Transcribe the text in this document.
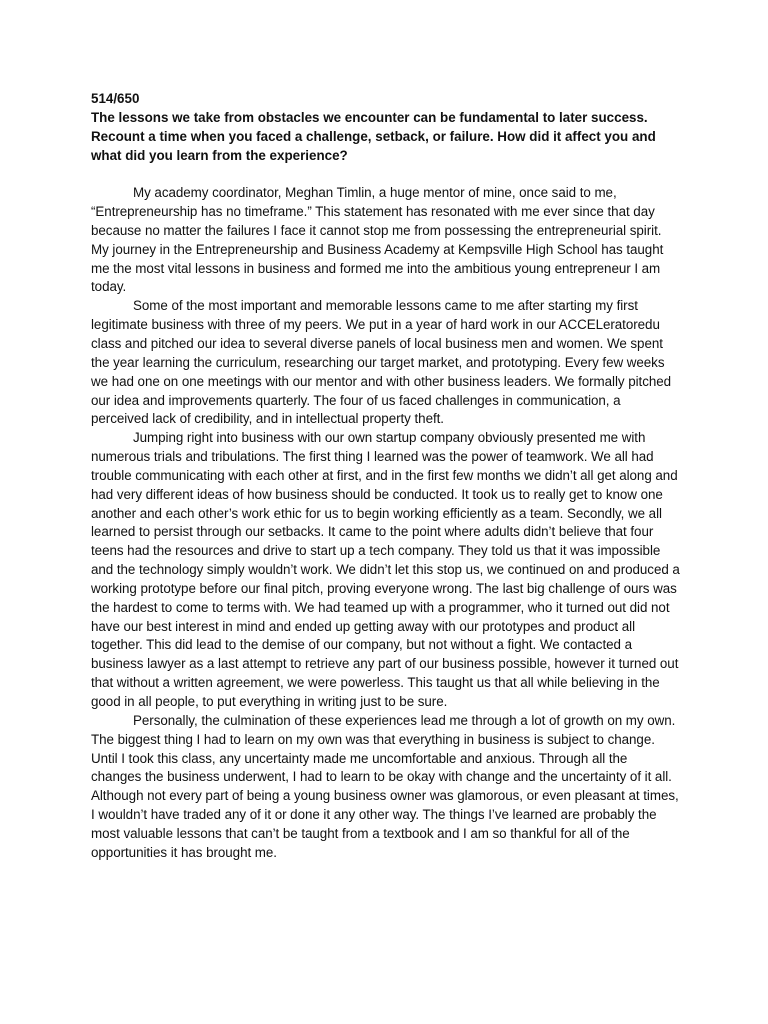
514/650

The lessons we take from obstacles we encounter can be fundamental to later success. Recount a time when you faced a challenge, setback, or failure. How did it affect you and what did you learn from the experience?

My academy coordinator, Meghan Timlin, a huge mentor of mine, once said to me, “Entrepreneurship has no timeframe.” This statement has resonated with me ever since that day because no matter the failures I face it cannot stop me from possessing the entrepreneurial spirit. My journey in the Entrepreneurship and Business Academy at Kempsville High School has taught me the most vital lessons in business and formed me into the ambitious young entrepreneur I am today.

Some of the most important and memorable lessons came to me after starting my first legitimate business with three of my peers. We put in a year of hard work in our ACCELeratoredu class and pitched our idea to several diverse panels of local business men and women. We spent the year learning the curriculum, researching our target market, and prototyping. Every few weeks we had one on one meetings with our mentor and with other business leaders. We formally pitched our idea and improvements quarterly. The four of us faced challenges in communication, a perceived lack of credibility, and in intellectual property theft.

Jumping right into business with our own startup company obviously presented me with numerous trials and tribulations. The first thing I learned was the power of teamwork. We all had trouble communicating with each other at first, and in the first few months we didn’t all get along and had very different ideas of how business should be conducted. It took us to really get to know one another and each other’s work ethic for us to begin working efficiently as a team. Secondly, we all learned to persist through our setbacks. It came to the point where adults didn’t believe that four teens had the resources and drive to start up a tech company. They told us that it was impossible and the technology simply wouldn’t work. We didn’t let this stop us, we continued on and produced a working prototype before our final pitch, proving everyone wrong. The last big challenge of ours was the hardest to come to terms with. We had teamed up with a programmer, who it turned out did not have our best interest in mind and ended up getting away with our prototypes and product all together. This did lead to the demise of our company, but not without a fight. We contacted a business lawyer as a last attempt to retrieve any part of our business possible, however it turned out that without a written agreement, we were powerless. This taught us that all while believing in the good in all people, to put everything in writing just to be sure.

Personally, the culmination of these experiences lead me through a lot of growth on my own. The biggest thing I had to learn on my own was that everything in business is subject to change. Until I took this class, any uncertainty made me uncomfortable and anxious. Through all the changes the business underwent, I had to learn to be okay with change and the uncertainty of it all. Although not every part of being a young business owner was glamorous, or even pleasant at times, I wouldn’t have traded any of it or done it any other way. The things I’ve learned are probably the most valuable lessons that can’t be taught from a textbook and I am so thankful for all of the opportunities it has brought me.
